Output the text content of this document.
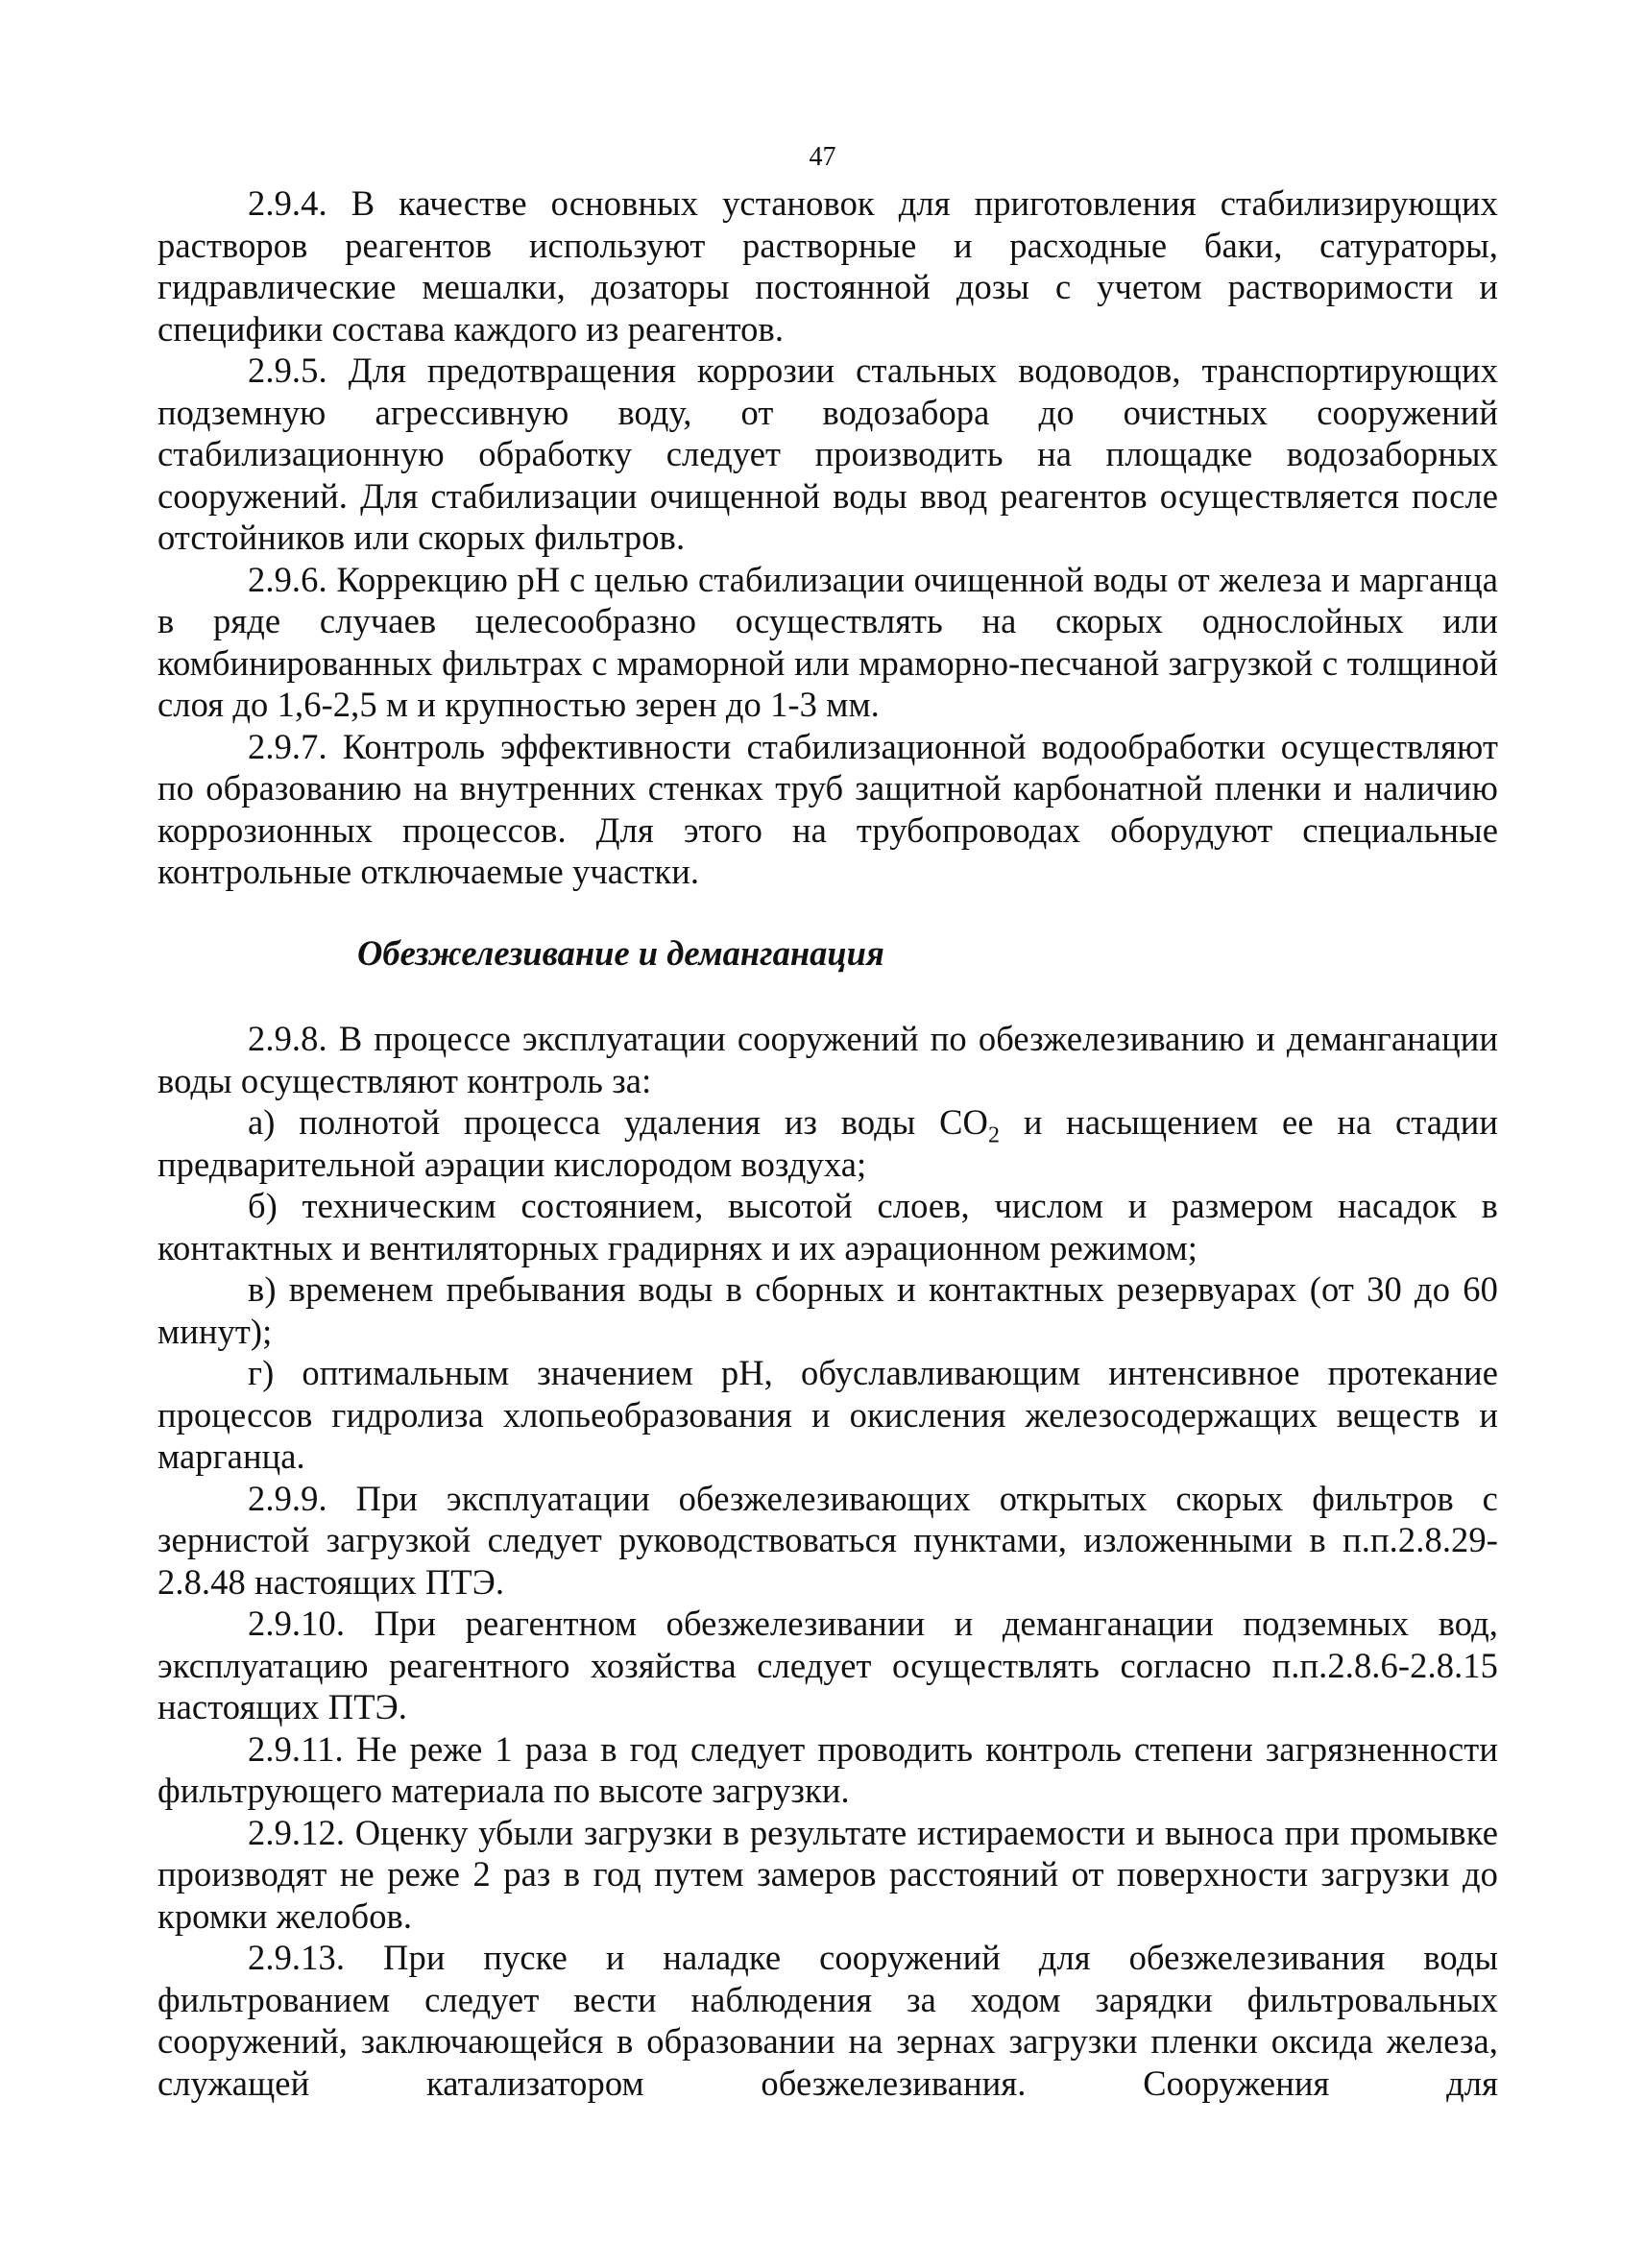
47

2.9.4. В качестве основных установок для приготовления стабилизирующих растворов реагентов используют растворные и расходные баки, сатураторы, гидравлические мешалки, дозаторы постоянной дозы с учетом растворимости и специфики состава каждого из реагентов.

2.9.5. Для предотвращения коррозии стальных водоводов, транспортирующих подземную агрессивную воду, от водозабора до очистных сооружений стабилизационную обработку следует производить на площадке водозаборных сооружений. Для стабилизации очищенной воды ввод реагентов осуществляется после отстойников или скорых фильтров.

2.9.6. Коррекцию pH с целью стабилизации очищенной воды от железа и марганца в ряде случаев целесообразно осуществлять на скорых однослойных или комбинированных фильтрах с мраморной или мраморно-песчаной загрузкой с толщиной слоя до 1,6-2,5 м и крупностью зерен до 1-3 мм.

2.9.7. Контроль эффективности стабилизационной водообработки осуществляют по образованию на внутренних стенках труб защитной карбонатной пленки и наличию коррозионных процессов. Для этого на трубопроводах оборудуют специальные контрольные отключаемые участки.

Обезжелезивание и деманганация

2.9.8. В процессе эксплуатации сооружений по обезжелезиванию и деманганации воды осуществляют контроль за:

а) полнотой процесса удаления из воды $CO_2$ и насыщением ее на стадии предварительной аэрации кислородом воздуха;

б) техническим состоянием, высотой слоев, числом и размером насадок в контактных и вентиляторных градирнях и их аэрационном режимом;

в) временем пребывания воды в сборных и контактных резервуарах (от 30 до 60 минут);

г) оптимальным значением pH, обуславливающим интенсивное протекание процессов гидролиза хлопьеобразования и окисления железосодержащих веществ и марганца.

2.9.9. При эксплуатации обезжелезивающих открытых скорых фильтров с зернистой загрузкой следует руководствоваться пунктами, изложенными в п.п.2.8.29-2.8.48 настоящих ПТЭ.

2.9.10. При реагентном обезжелезивании и деманганации подземных вод, эксплуатацию реагентного хозяйства следует осуществлять согласно п.п.2.8.6-2.8.15 настоящих ПТЭ.

2.9.11. Не реже 1 раза в год следует проводить контроль степени загрязненности фильтрующего материала по высоте загрузки.

2.9.12. Оценку убыли загрузки в результате истираемости и выноса при промывке производят не реже 2 раз в год путем замеров расстояний от поверхности загрузки до кромки желобов.

2.9.13. При пуске и наладке сооружений для обезжелезивания воды фильтрованием следует вести наблюдения за ходом зарядки фильтровальных сооружений, заключающейся в образовании на зернах загрузки пленки оксида железа, служащей катализатором обезжелезивания. Сооружения для
